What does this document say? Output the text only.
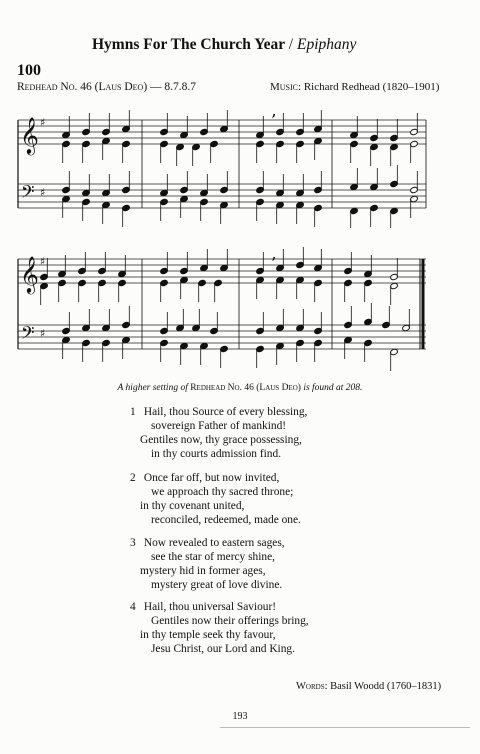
Hymns For The Church Year / Epiphany
100
Redhead No. 46 (Laus Deo) — 8.7.8.7	Music: Richard Redhead (1820–1901)
𝄞
𝄢
♯
♯
,
𝄞
𝄢
♯
♯
,
A higher setting of Redhead No. 46 (Laus Deo) is found at 208.
1 Hail, thou Source of every blessing,
sovereign Father of mankind!
Gentiles now, thy grace possessing,
in thy courts admission find.
2 Once far off, but now invited,
we approach thy sacred throne;
in thy covenant united,
reconciled, redeemed, made one.
3 Now revealed to eastern sages,
see the star of mercy shine,
mystery hid in former ages,
mystery great of love divine.
4 Hail, thou universal Saviour!
Gentiles now their offerings bring,
in thy temple seek thy favour,
Jesu Christ, our Lord and King.
Words: Basil Woodd (1760–1831)
193
